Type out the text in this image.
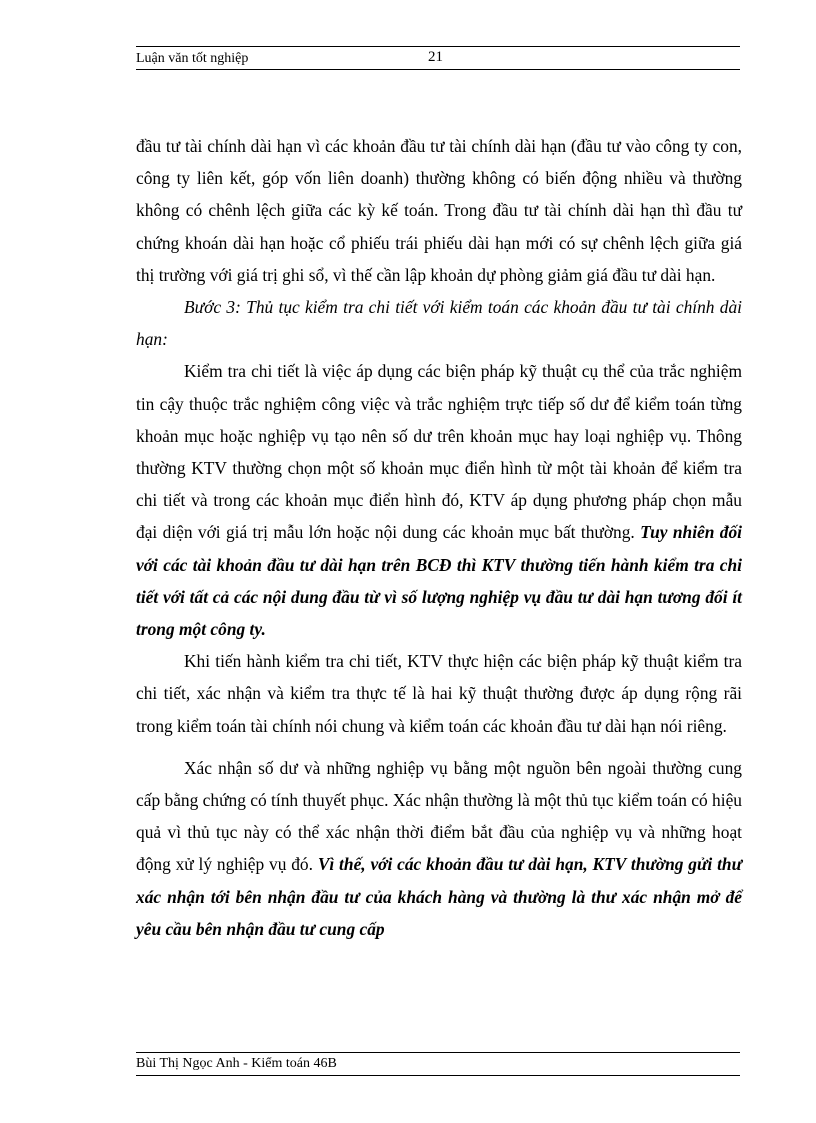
Luận văn tốt nghiệp	21

đầu tư tài chính dài hạn vì các khoản đầu tư tài chính dài hạn (đầu tư vào công ty con, công ty liên kết, góp vốn liên doanh) thường không có biến động nhiều và thường không có chênh lệch giữa các kỳ kế toán. Trong đầu tư tài chính dài hạn thì đầu tư chứng khoán dài hạn hoặc cổ phiếu trái phiếu dài hạn mới có sự chênh lệch giữa giá thị trường với giá trị ghi sổ, vì thế cần lập khoản dự phòng giảm giá đầu tư dài hạn.

Bước 3: Thủ tục kiểm tra chi tiết với kiểm toán các khoản đầu tư tài chính dài hạn:

Kiểm tra chi tiết là việc áp dụng các biện pháp kỹ thuật cụ thể của trắc nghiệm tin cậy thuộc trắc nghiệm công việc và trắc nghiệm trực tiếp số dư để kiểm toán từng khoản mục hoặc nghiệp vụ tạo nên số dư trên khoản mục hay loại nghiệp vụ. Thông thường KTV thường chọn một số khoản mục điển hình từ một tài khoản để kiểm tra chi tiết và trong các khoản mục điển hình đó, KTV áp dụng phương pháp chọn mẫu đại diện với giá trị mẫu lớn hoặc nội dung các khoản mục bất thường. Tuy nhiên đối với các tài khoản đầu tư dài hạn trên BCĐ thì KTV thường tiến hành kiểm tra chi tiết với tất cả các nội dung đầu từ vì số lượng nghiệp vụ đầu tư dài hạn tương đối ít trong một công ty.

Khi tiến hành kiểm tra chi tiết, KTV thực hiện các biện pháp kỹ thuật kiểm tra chi tiết, xác nhận và kiểm tra thực tế là hai kỹ thuật thường được áp dụng rộng rãi trong kiểm toán tài chính nói chung và kiểm toán các khoản đầu tư dài hạn nói riêng.

Xác nhận số dư và những nghiệp vụ bằng một nguồn bên ngoài thường cung cấp bằng chứng có tính thuyết phục. Xác nhận thường là một thủ tục kiểm toán có hiệu quả vì thủ tục này có thể xác nhận thời điểm bắt đầu của nghiệp vụ và những hoạt động xử lý nghiệp vụ đó. Vì thế, với các khoản đầu tư dài hạn, KTV thường gửi thư xác nhận tới bên nhận đầu tư của khách hàng và thường là thư xác nhận mở để yêu cầu bên nhận đầu tư cung cấp

Bùi Thị Ngọc Anh - Kiểm toán 46B
